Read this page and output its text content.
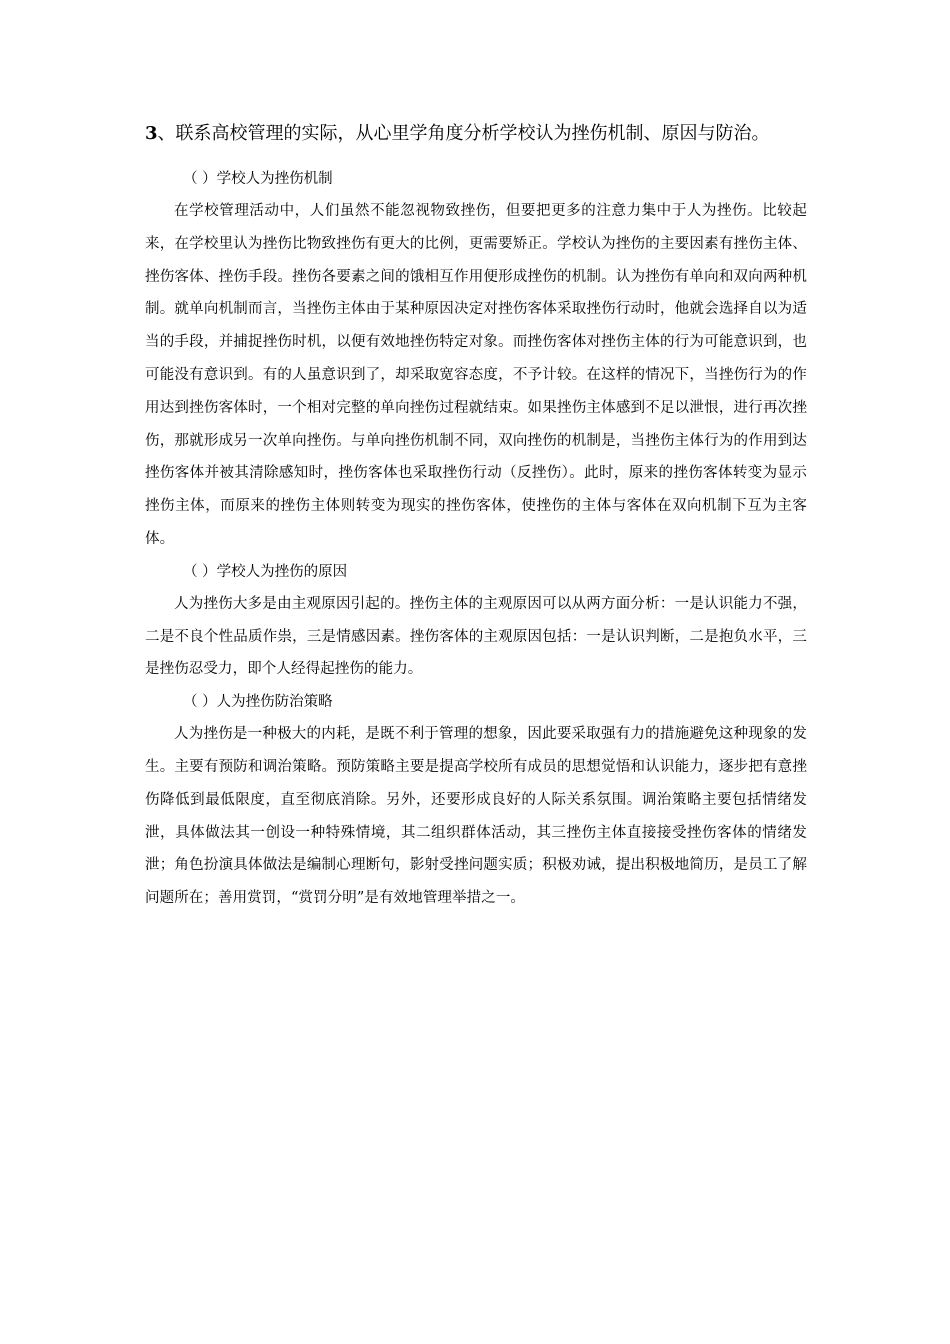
3、联系高校管理的实际，从心里学角度分析学校认为挫伤机制、原因与防治。

（ ）学校人为挫伤机制

在学校管理活动中，人们虽然不能忽视物致挫伤，但要把更多的注意力集中于人为挫伤。比较起来，在学校里认为挫伤比物致挫伤有更大的比例，更需要矫正。学校认为挫伤的主要因素有挫伤主体、挫伤客体、挫伤手段。挫伤各要素之间的饿相互作用便形成挫伤的机制。认为挫伤有单向和双向两种机制。就单向机制而言，当挫伤主体由于某种原因决定对挫伤客体采取挫伤行动时，他就会选择自以为适当的手段，并捕捉挫伤时机，以便有效地挫伤特定对象。而挫伤客体对挫伤主体的行为可能意识到，也可能没有意识到。有的人虽意识到了，却采取宽容态度，不予计较。在这样的情况下，当挫伤行为的作用达到挫伤客体时，一个相对完整的单向挫伤过程就结束。如果挫伤主体感到不足以泄恨，进行再次挫伤，那就形成另一次单向挫伤。与单向挫伤机制不同，双向挫伤的机制是，当挫伤主体行为的作用到达挫伤客体并被其清除感知时，挫伤客体也采取挫伤行动（反挫伤）。此时，原来的挫伤客体转变为显示挫伤主体，而原来的挫伤主体则转变为现实的挫伤客体，使挫伤的主体与客体在双向机制下互为主客体。

（ ）学校人为挫伤的原因

人为挫伤大多是由主观原因引起的。挫伤主体的主观原因可以从两方面分析：一是认识能力不强，二是不良个性品质作祟，三是情感因素。挫伤客体的主观原因包括：一是认识判断，二是抱负水平，三是挫伤忍受力，即个人经得起挫伤的能力。

（ ）人为挫伤防治策略

人为挫伤是一种极大的内耗，是既不利于管理的想象，因此要采取强有力的措施避免这种现象的发生。主要有预防和调治策略。预防策略主要是提高学校所有成员的思想觉悟和认识能力，逐步把有意挫伤降低到最低限度，直至彻底消除。另外，还要形成良好的人际关系氛围。调治策略主要包括情绪发泄，具体做法其一创设一种特殊情境，其二组织群体活动，其三挫伤主体直接接受挫伤客体的情绪发泄；角色扮演具体做法是编制心理断句，影射受挫问题实质；积极劝诫，提出积极地简历，是员工了解问题所在；善用赏罚，“赏罚分明”是有效地管理举措之一。
